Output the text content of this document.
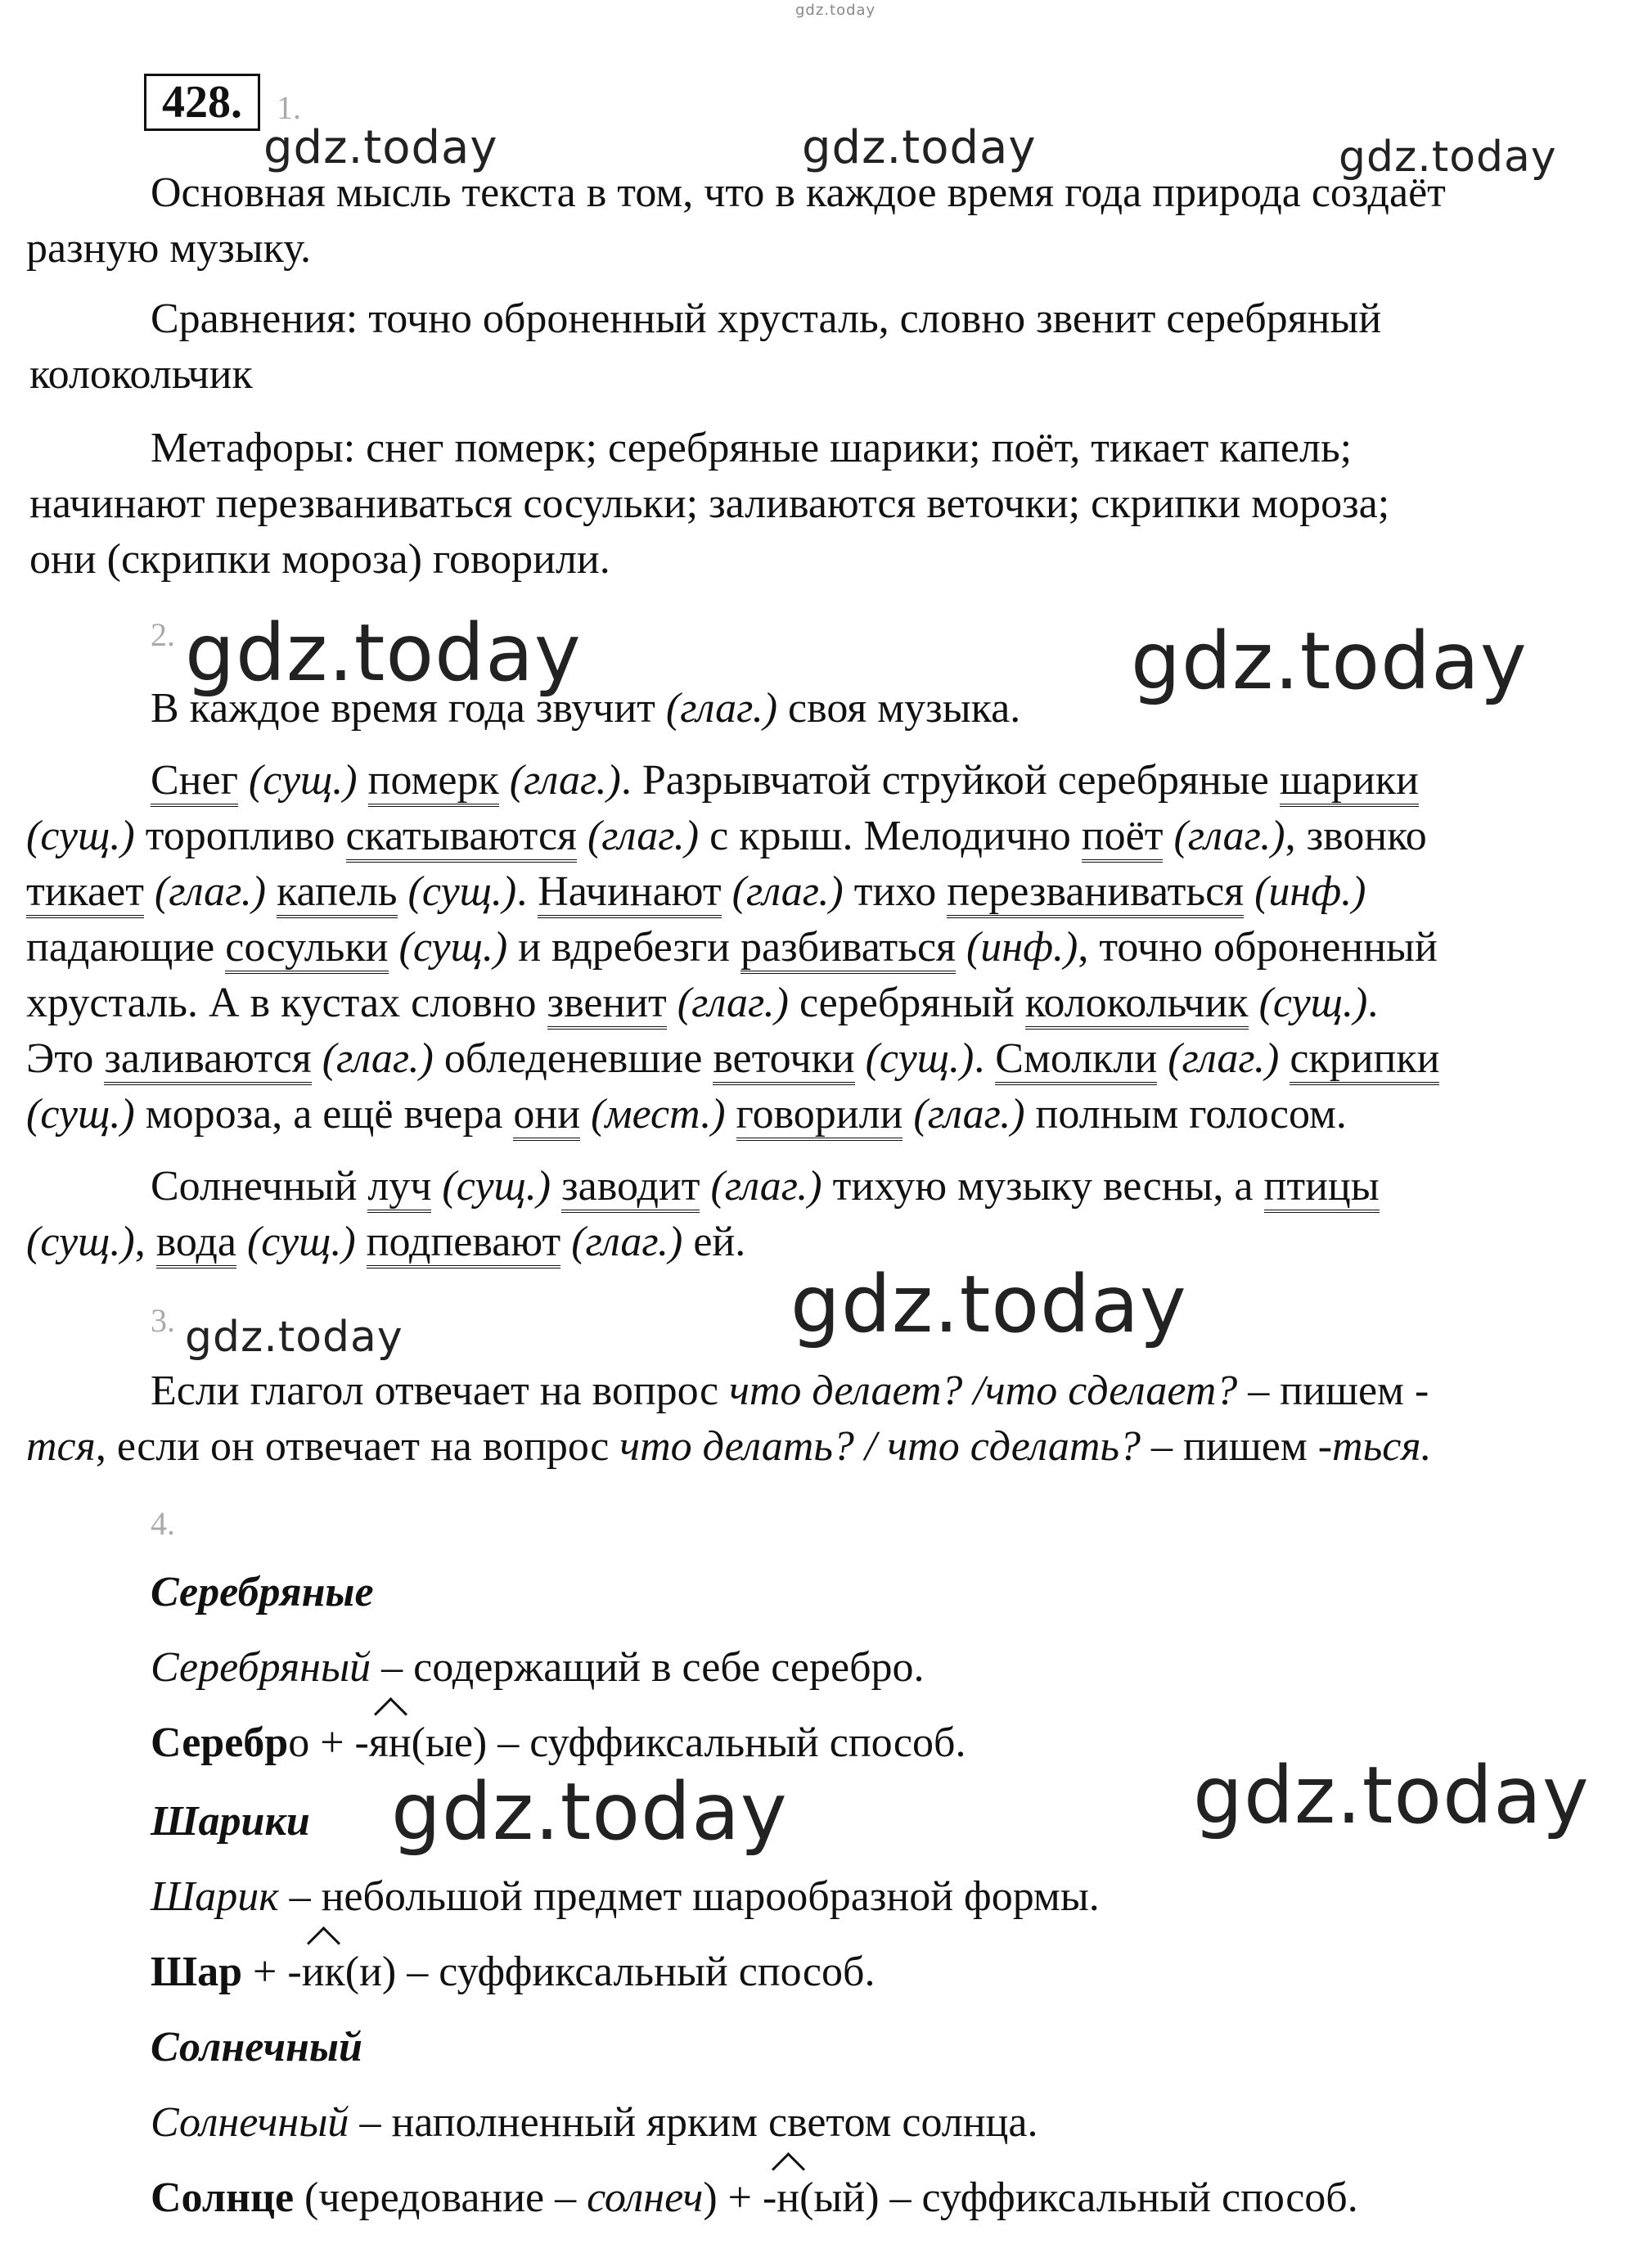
gdz.today
gdz.today	gdz.today	gdz.today
gdz.today	gdz.today
gdz.today
gdz.today
gdz.today	gdz.today
428.	1.
Основная мысль текста в том, что в каждое время года природа создаёт
разную музыку.
Сравнения: точно оброненный хрусталь, словно звенит серебряный
колокольчик
Метафоры: снег померк; серебряные шарики; поёт, тикает капель;
начинают перезваниваться сосульки; заливаются веточки; скрипки мороза;
они (скрипки мороза) говорили.
2.
В каждое время года звучит (глаг.) своя музыка.
Снег (сущ.) померк (глаг.). Разрывчатой струйкой серебряные шарики
(сущ.) торопливо скатываются (глаг.) с крыш. Мелодично поёт (глаг.), звонко
тикает (глаг.) капель (сущ.). Начинают (глаг.) тихо перезваниваться (инф.)
падающие сосульки (сущ.) и вдребезги разбиваться (инф.), точно оброненный
хрусталь. А в кустах словно звенит (глаг.) серебряный колокольчик (сущ.).
Это заливаются (глаг.) обледеневшие веточки (сущ.). Смолкли (глаг.) скрипки
(сущ.) мороза, а ещё вчера они (мест.) говорили (глаг.) полным голосом.
Солнечный луч (сущ.) заводит (глаг.) тихую музыку весны, а птицы
(сущ.), вода (сущ.) подпевают (глаг.) ей.
3.
Если глагол отвечает на вопрос что делает? /что сделает? – пишем -
тся, если он отвечает на вопрос что делать? / что сделать? – пишем -ться.
4.
Серебряные
Серебряный – содержащий в себе серебро.
Серебро + -ян(ые) – суффиксальный способ.
Шарики
Шарик – небольшой предмет шарообразной формы.
Шар + -ик(и) – суффиксальный способ.
Солнечный
Солнечный – наполненный ярким светом солнца.
Солнце (чередование – солнеч) + -н(ый) – суффиксальный способ.
